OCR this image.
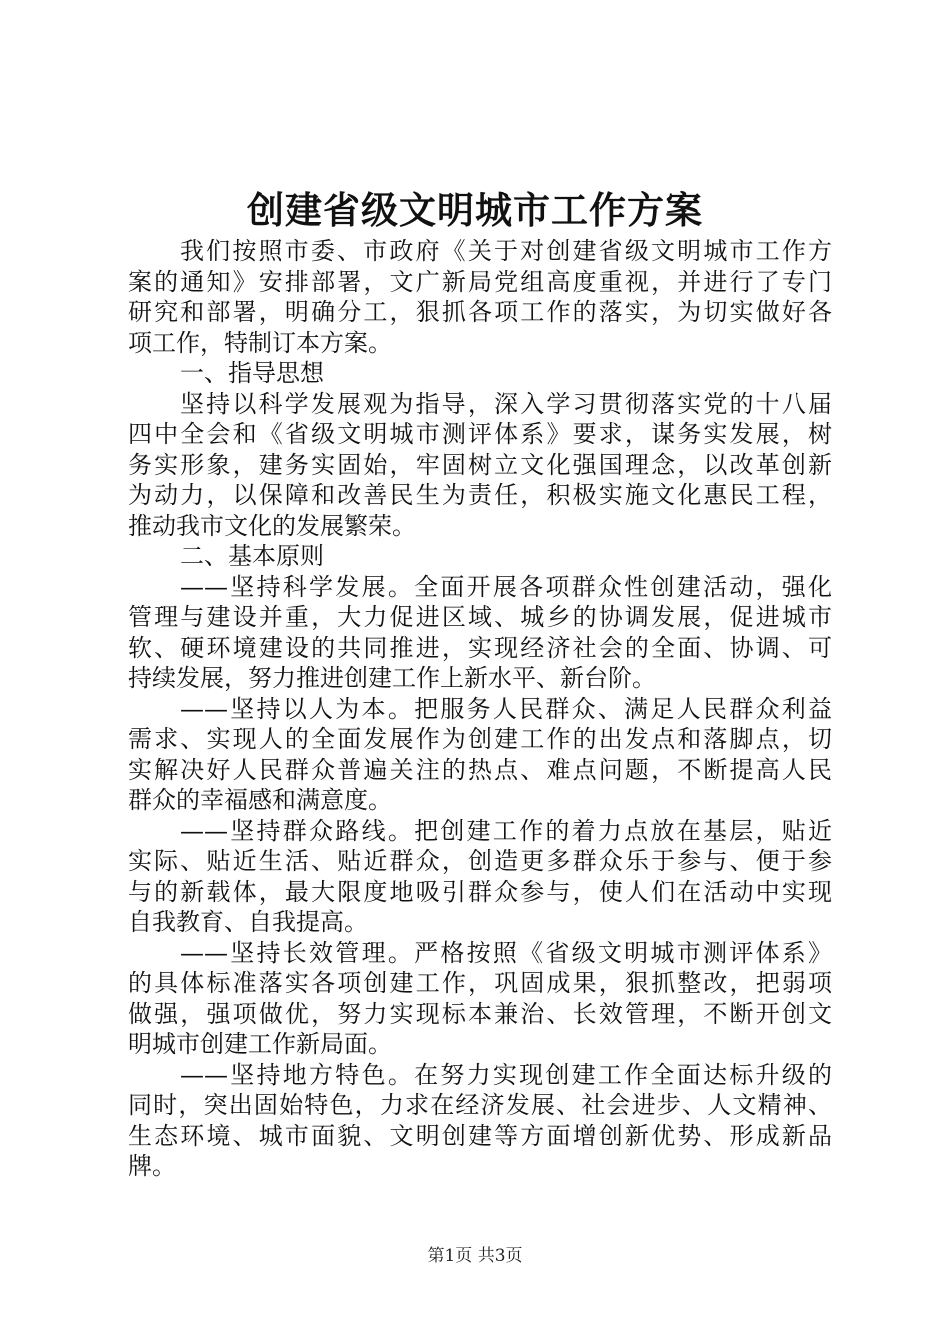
创建省级文明城市工作方案
我们按照市委、市政府《关于对创建省级文明城市工作方
案的通知》安排部署，文广新局党组高度重视，并进行了专门
研究和部署，明确分工，狠抓各项工作的落实，为切实做好各
项工作，特制订本方案。
一、指导思想
坚持以科学发展观为指导，深入学习贯彻落实党的十八届
四中全会和《省级文明城市测评体系》要求，谋务实发展，树
务实形象，建务实固始，牢固树立文化强国理念，以改革创新
为动力，以保障和改善民生为责任，积极实施文化惠民工程，
推动我市文化的发展繁荣。
二、基本原则
——坚持科学发展。全面开展各项群众性创建活动，强化
管理与建设并重，大力促进区域、城乡的协调发展，促进城市
软、硬环境建设的共同推进，实现经济社会的全面、协调、可
持续发展，努力推进创建工作上新水平、新台阶。
——坚持以人为本。把服务人民群众、满足人民群众利益
需求、实现人的全面发展作为创建工作的出发点和落脚点，切
实解决好人民群众普遍关注的热点、难点问题，不断提高人民
群众的幸福感和满意度。
——坚持群众路线。把创建工作的着力点放在基层，贴近
实际、贴近生活、贴近群众，创造更多群众乐于参与、便于参
与的新载体，最大限度地吸引群众参与，使人们在活动中实现
自我教育、自我提高。
——坚持长效管理。严格按照《省级文明城市测评体系》
的具体标准落实各项创建工作，巩固成果，狠抓整改，把弱项
做强，强项做优，努力实现标本兼治、长效管理，不断开创文
明城市创建工作新局面。
——坚持地方特色。在努力实现创建工作全面达标升级的
同时，突出固始特色，力求在经济发展、社会进步、人文精神、
生态环境、城市面貌、文明创建等方面增创新优势、形成新品
牌。
第1页 共3页
